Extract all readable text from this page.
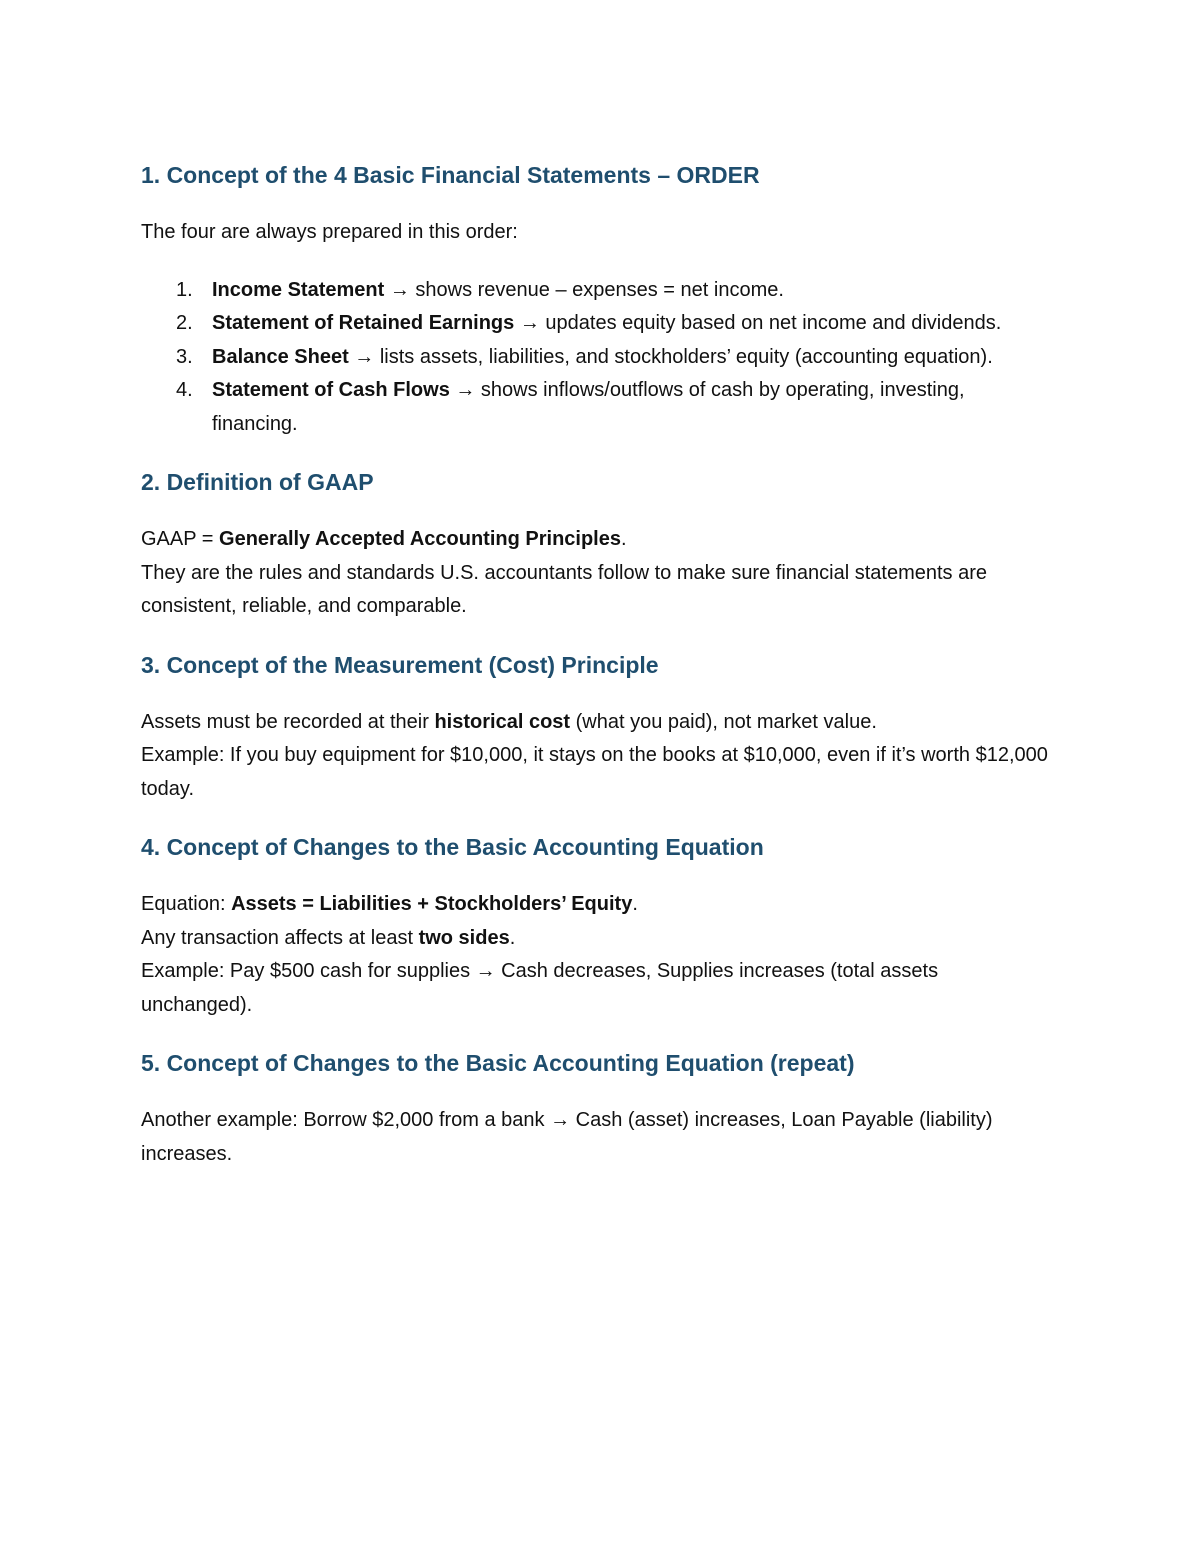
1. Concept of the 4 Basic Financial Statements – ORDER

The four are always prepared in this order:

1. Income Statement → shows revenue – expenses = net income.
2. Statement of Retained Earnings → updates equity based on net income and dividends.
3. Balance Sheet → lists assets, liabilities, and stockholders’ equity (accounting equation).
4. Statement of Cash Flows → shows inflows/outflows of cash by operating, investing, financing.
2. Definition of GAAP

GAAP = Generally Accepted Accounting Principles.
They are the rules and standards U.S. accountants follow to make sure financial statements are consistent, reliable, and comparable.

3. Concept of the Measurement (Cost) Principle

Assets must be recorded at their historical cost (what you paid), not market value.
Example: If you buy equipment for $10,000, it stays on the books at $10,000, even if it’s worth $12,000 today.

4. Concept of Changes to the Basic Accounting Equation

Equation: Assets = Liabilities + Stockholders’ Equity.
Any transaction affects at least two sides.
Example: Pay $500 cash for supplies → Cash decreases, Supplies increases (total assets unchanged).

5. Concept of Changes to the Basic Accounting Equation (repeat)

Another example: Borrow $2,000 from a bank → Cash (asset) increases, Loan Payable (liability) increases.
